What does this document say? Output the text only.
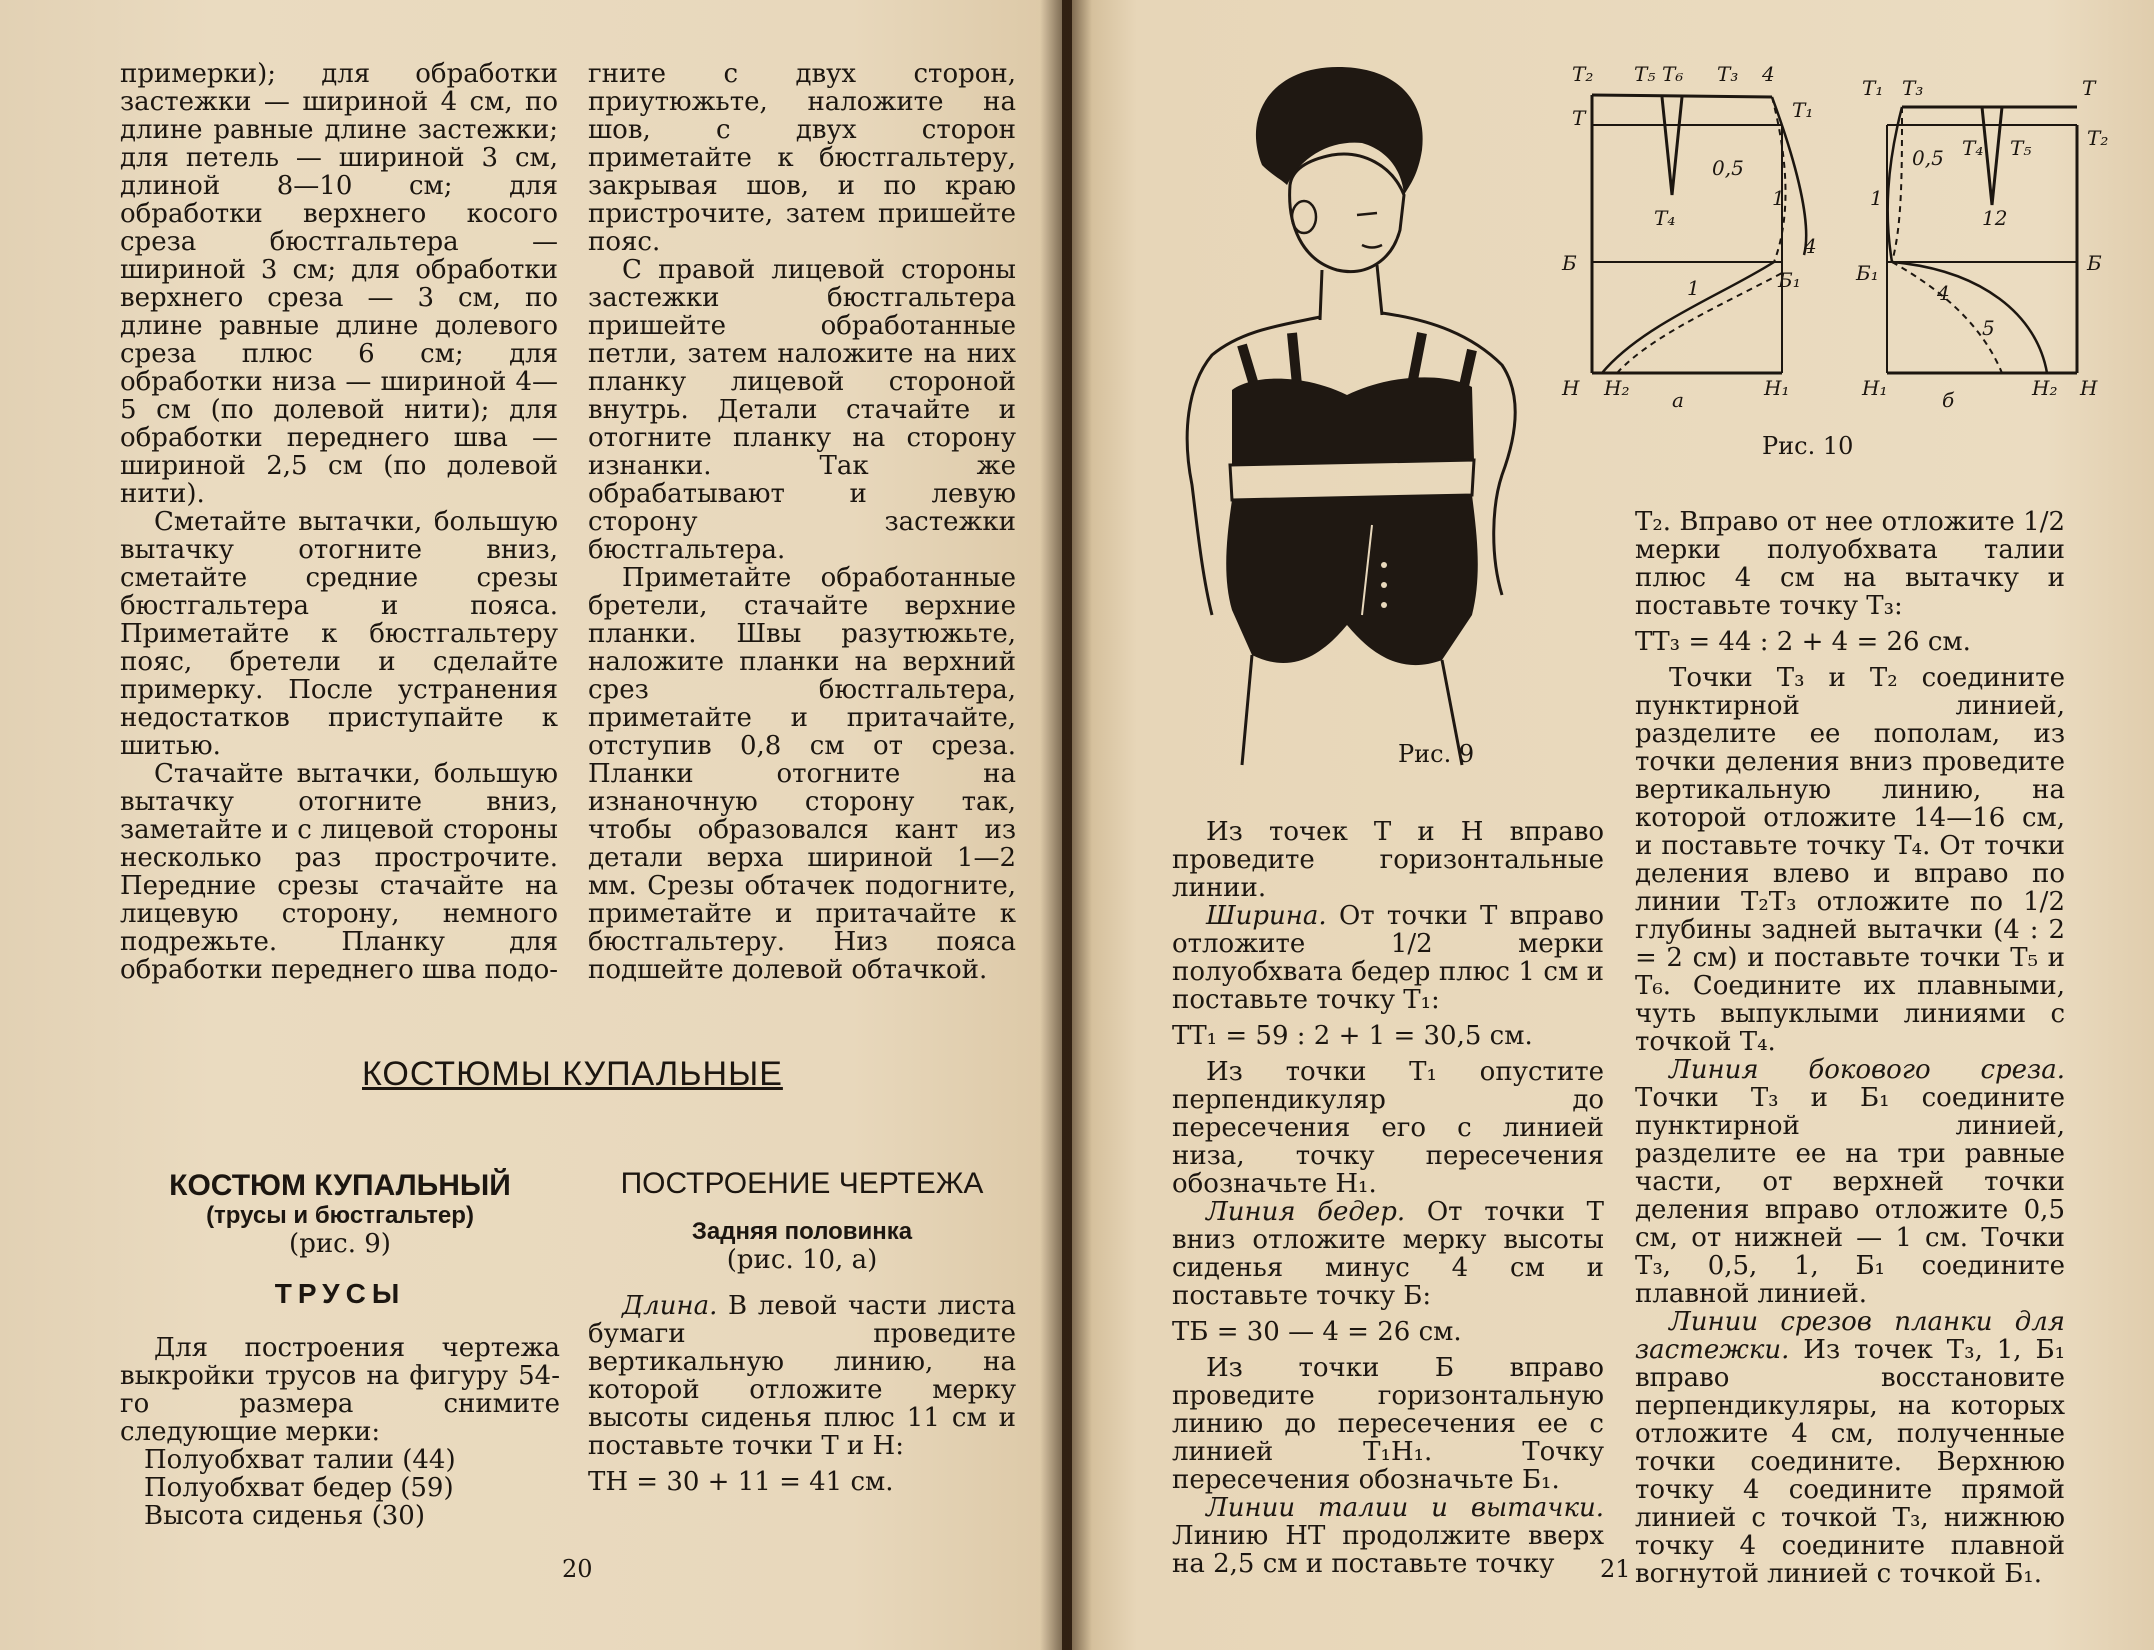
примерки); для обработки застежки — шириной 4 см, по длине равные длине застежки; для петель — шириной 3 см, длиной 8—10 см; для обработки верхнего косого среза бюстгальтера — шириной 3 см; для обработки верхнего среза — 3 см, по длине равные длине долевого среза плюс 6 см; для обработки низа — шириной 4—5 см (по долевой нити); для обработки переднего шва — шириной 2,5 см (по долевой нити).

Сметайте вытачки, большую вытачку отогните вниз, сметайте средние срезы бюстгальтера и пояса. Приметайте к бюстгальтеру пояс, бретели и сделайте примерку. После устранения недостатков приступайте к шитью.

Стачайте вытачки, большую вытачку отогните вниз, заметайте и с лицевой стороны несколько раз прострочите. Передние срезы стачайте на лицевую сторону, немного подрежьте. Планку для обработки переднего шва подо-

гните с двух сторон, приутюжьте, наложите на шов, с двух сторон приметайте к бюстгальтеру, закрывая шов, и по краю пристрочите, затем пришейте пояс.

С правой лицевой стороны застежки бюстгальтера пришейте обработанные петли, затем наложите на них планку лицевой стороной внутрь. Детали стачайте и отогните планку на сторону изнанки. Так же обрабатывают и левую сторону застежки бюстгальтера.

Приметайте обработанные бретели, стачайте верхние планки. Швы разутюжьте, наложите планки на верхний срез бюстгальтера, приметайте и притачайте, отступив 0,8 см от среза. Планки отогните на изнаночную сторону так, чтобы образовался кант из детали верха шириной 1—2 мм. Срезы обтачек подогните, приметайте и притачайте к бюстгальтеру. Низ пояса подшейте долевой обтачкой.

КОСТЮМЫ КУПАЛЬНЫЕ
КОСТЮМ КУПАЛЬНЫЙ
(трусы и бюстгальтер)
(рис. 9)
ТРУСЫ

Для построения чертежа выкройки трусов на фигуру 54-го размера снимите следующие мерки:

Полуобхват талии (44)

Полуобхват бедер (59)

Высота сиденья (30)

ПОСТРОЕНИЕ ЧЕРТЕЖА
Задняя половинка
(рис. 10, а)

Длина. В левой части листа бумаги проведите вертикальную линию, на которой отложите мерку высоты сиденья плюс 11 см и поставьте точки Т и Н:

ТН = 30 + 11 = 41 см.

20
Рис. 9
Т₂ Т₅ Т₆ Т₃ 4
Т	Т₁
0,5
1
Т₄
Б
Б₁
4
1
Н Н₂	Н₁
а
Т₁ Т₃	Т
Т₄ Т₅	Т₂
0,5
1
12
Б₁	Б
4
5
Н₁	Н₂ Н
б
Рис. 10

Из точек Т и Н вправо проведите горизонтальные линии.

Ширина. От точки Т вправо отложите 1/2 мерки полуобхвата бедер плюс 1 см и поставьте точку Т₁:

ТТ₁ = 59 : 2 + 1 = 30,5 см.

Из точки Т₁ опустите перпендикуляр до пересечения его с линией низа, точку пересечения обозначьте Н₁.

Линия бедер. От точки Т вниз отложите мерку высоты сиденья минус 4 см и поставьте точку Б:

ТБ = 30 — 4 = 26 см.

Из точки Б вправо проведите горизонтальную линию до пересечения ее с линией Т₁Н₁. Точку пересечения обозначьте Б₁.

Линии талии и вытачки. Линию НТ продолжите вверх на 2,5 см и поставьте точку

Т₂. Вправо от нее отложите 1/2 мерки полуобхвата талии плюс 4 см на вытачку и поставьте точку Т₃:

ТТ₃ = 44 : 2 + 4 = 26 см.

Точки Т₃ и Т₂ соедините пунктирной линией, разделите ее пополам, из точки деления вниз проведите вертикальную линию, на которой отложите 14—16 см, и поставьте точку Т₄. От точки деления влево и вправо по линии Т₂Т₃ отложите по 1/2 глубины задней вытачки (4 : 2 = 2 см) и поставьте точки Т₅ и Т₆. Соедините их плавными, чуть выпуклыми линиями с точкой Т₄.

Линия бокового среза. Точки Т₃ и Б₁ соедините пунктирной линией, разделите ее на три равные части, от верхней точки деления вправо отложите 0,5 см, от нижней — 1 см. Точки Т₃, 0,5, 1, Б₁ соедините плавной линией.

Линии срезов планки для застежки. Из точек Т₃, 1, Б₁ вправо восстановите перпендикуляры, на которых отложите 4 см, полученные точки соедините. Верхнюю точку 4 соедините прямой линией с точкой Т₃, нижнюю точку 4 соедините плавной вогнутой линией с точкой Б₁.

21
